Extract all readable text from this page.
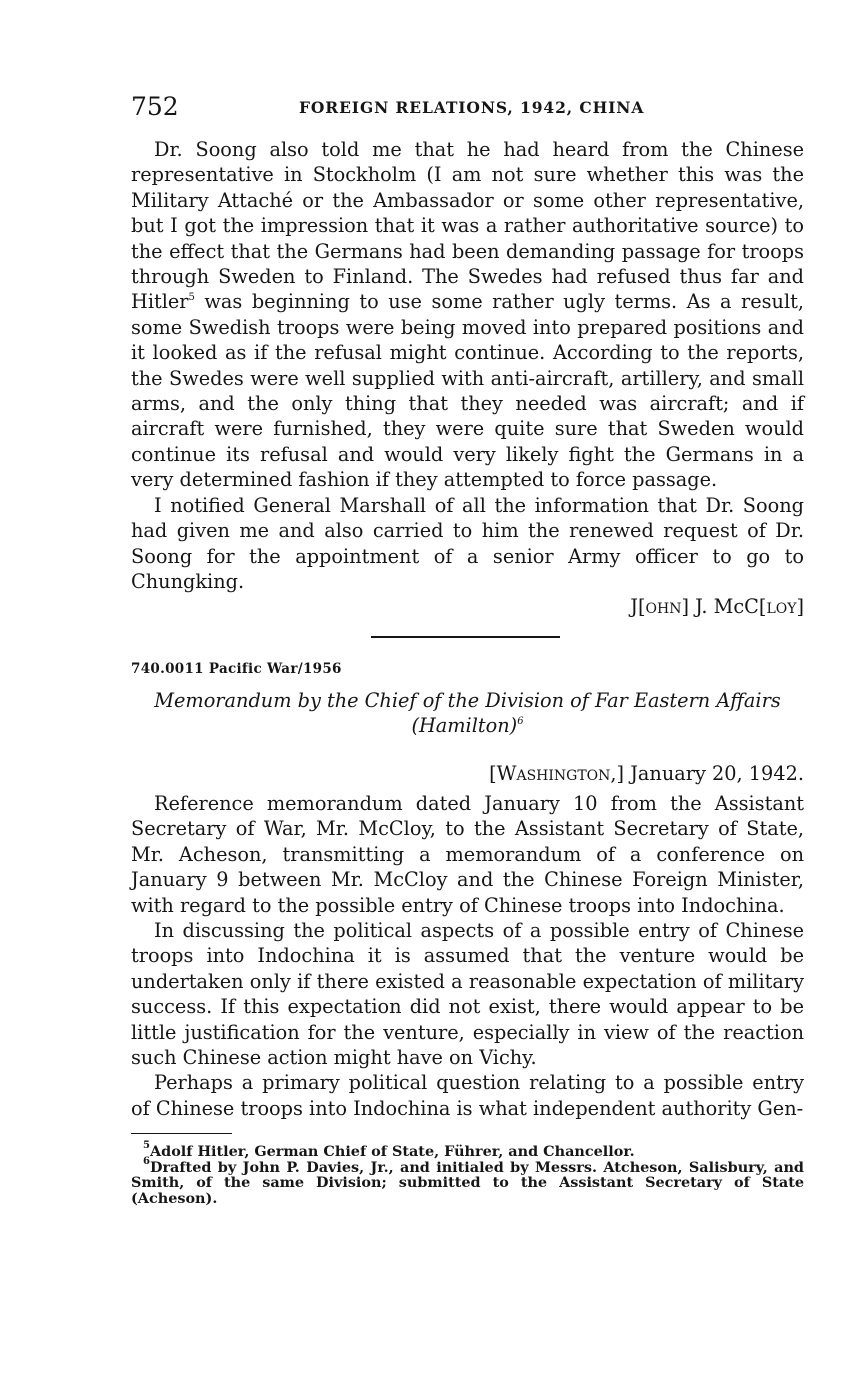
752	FOREIGN RELATIONS, 1942, CHINA

Dr. Soong also told me that he had heard from the Chinese representative in Stockholm (I am not sure whether this was the Military Attaché or the Ambassador or some other representative, but I got the impression that it was a rather authoritative source) to the effect that the Germans had been demanding passage for troops through Sweden to Finland. The Swedes had refused thus far and Hitler$^5$ was beginning to use some rather ugly terms. As a result, some Swedish troops were being moved into prepared positions and it looked as if the refusal might continue. According to the reports, the Swedes were well supplied with anti-aircraft, artillery, and small arms, and the only thing that they needed was aircraft; and if aircraft were furnished, they were quite sure that Sweden would continue its refusal and would very likely fight the Germans in a very determined fashion if they attempted to force passage.

I notified General Marshall of all the information that Dr. Soong had given me and also carried to him the renewed request of Dr. Soong for the appointment of a senior Army officer to go to Chungking.

J[ohn] J. McC[loy]
740.0011 Pacific War/1956
Memorandum by the Chief of the Division of Far Eastern Affairs
(Hamilton)$^6$
[Washington,] January 20, 1942.

Reference memorandum dated January 10 from the Assistant Secretary of War, Mr. McCloy, to the Assistant Secretary of State, Mr. Acheson, transmitting a memorandum of a conference on January 9 between Mr. McCloy and the Chinese Foreign Minister, with regard to the possible entry of Chinese troops into Indochina.

In discussing the political aspects of a possible entry of Chinese troops into Indochina it is assumed that the venture would be undertaken only if there existed a reasonable expectation of military success. If this expectation did not exist, there would appear to be little justification for the venture, especially in view of the reaction such Chinese action might have on Vichy.

Perhaps a primary political question relating to a possible entry of Chinese troops into Indochina is what independent authority Gen-

$^5$Adolf Hitler, German Chief of State, Führer, and Chancellor.

$^6$Drafted by John P. Davies, Jr., and initialed by Messrs. Atcheson, Salisbury, and Smith, of the same Division; submitted to the Assistant Secretary of State (Acheson).
